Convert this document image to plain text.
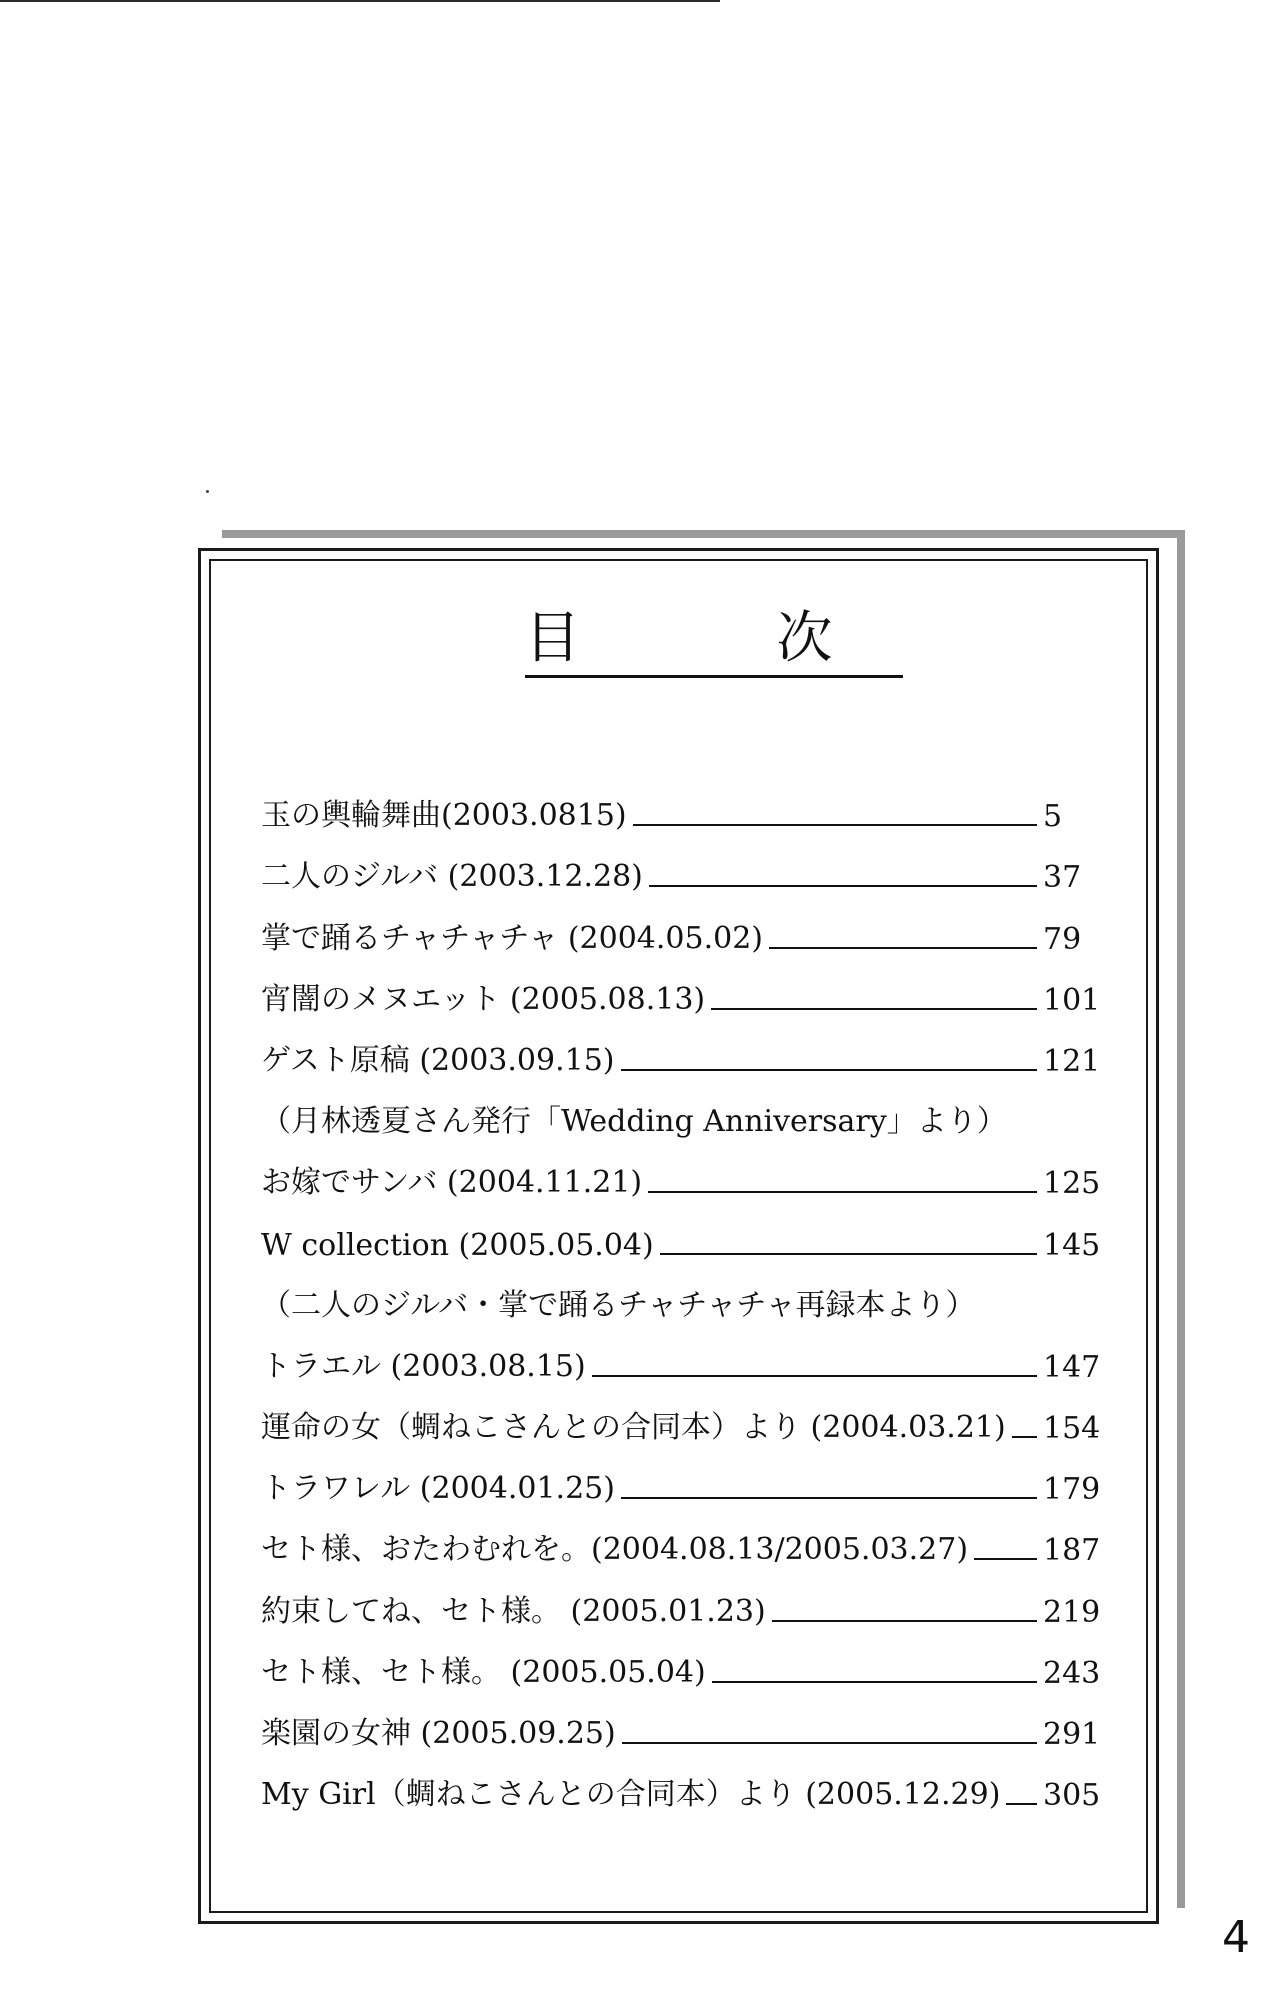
目　次
玉の輿輪舞曲(2003.0815)	5
二人のジルバ (2003.12.28)	37
掌で踊るチャチャチャ (2004.05.02)	79
宵闇のメヌエット (2005.08.13)	101
ゲスト原稿 (2003.09.15)	121
（月林透夏さん発行「Wedding Anniversary」より）
お嫁でサンバ (2004.11.21)	125
W collection (2005.05.04)	145
（二人のジルバ・掌で踊るチャチャチャ再録本より）
トラエル (2003.08.15)	147
運命の女（蜩ねこさんとの合同本）より (2004.03.21) 154
トラワレル (2004.01.25)	179
セト様、おたわむれを。(2004.08.13/2005.03.27) 187
約束してね、セト様。 (2005.01.23)	219
セト様、セト様。 (2005.05.04)	243
楽園の女神 (2005.09.25)	291
My Girl（蜩ねこさんとの合同本）より (2005.12.29) 305
4
